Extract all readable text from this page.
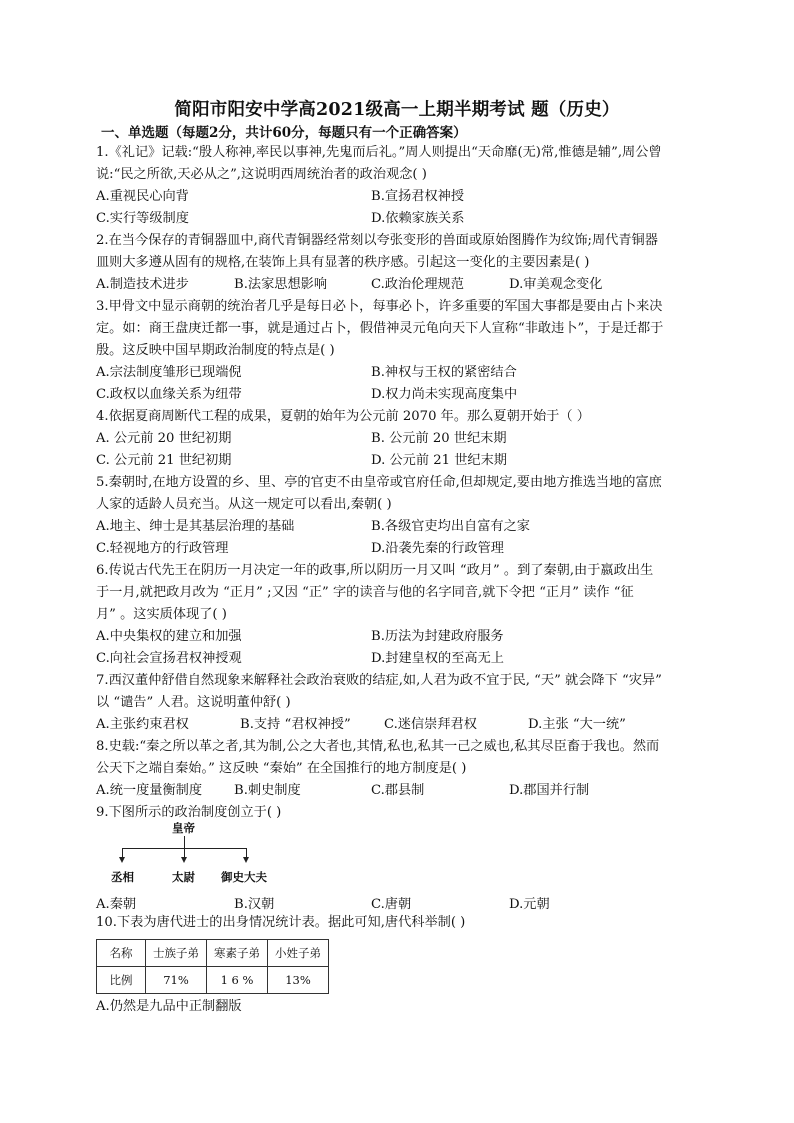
简阳市阳安中学高2021级高一上期半期考试 题（历史）
一、单选题（每题2分，共计60分，每题只有一个正确答案）
1.《礼记》记载:“殷人称神,率民以事神,先鬼而后礼。”周人则提出“天命靡(无)常,惟德是辅”,周公曾
说:“民之所欲,天必从之”,这说明西周统治者的政治观念( )
A.重视民心向背	B.宣扬君权神授
C.实行等级制度	D.依赖家族关系
2.在当今保存的青铜器皿中,商代青铜器经常刻以夸张变形的兽面或原始图腾作为纹饰;周代青铜器
皿则大多遵从固有的规格,在装饰上具有显著的秩序感。引起这一变化的主要因素是( )
A.制造技术进步	B.法家思想影响	C.政治伦理规范	D.审美观念变化
3.甲骨文中显示商朝的统治者几乎是每日必卜，每事必卜，许多重要的军国大事都是要由占卜来决
定。如：商王盘庚迁都一事，就是通过占卜，假借神灵元龟向天下人宣称“非敢违卜”，于是迁都于
殷。这反映中国早期政治制度的特点是( )
A.宗法制度雏形已现端倪	B.神权与王权的紧密结合
C.政权以血缘关系为纽带	D.权力尚未实现高度集中
4.依据夏商周断代工程的成果，夏朝的始年为公元前 2070 年。那么夏朝开始于（ ）
A. 公元前 20 世纪初期	B. 公元前 20 世纪末期
C. 公元前 21 世纪初期	D. 公元前 21 世纪末期
5.秦朝时,在地方设置的乡、里、亭的官吏不由皇帝或官府任命,但却规定,要由地方推选当地的富庶
人家的适龄人员充当。从这一规定可以看出,秦朝( )
A.地主、绅士是其基层治理的基础	B.各级官吏均出自富有之家
C.轻视地方的行政管理	D.沿袭先秦的行政管理
6.传说古代先王在阴历一月决定一年的政事,所以阴历一月又叫 “政月” 。到了秦朝,由于嬴政出生
于一月,就把政月改为 “正月” ;又因 “正” 字的读音与他的名字同音,就下令把 “正月” 读作 “征
月” 。这实质体现了( )
A.中央集权的建立和加强	B.历法为封建政府服务
C.向社会宣扬君权神授观	D.封建皇权的至高无上
7.西汉董仲舒借自然现象来解释社会政治衰败的结症,如,人君为政不宜于民, “天” 就会降下 “灾异”
以 “谴告” 人君。这说明董仲舒( )
A.主张约束君权	B.支持 “君权神授”	C.迷信崇拜君权	D.主张 “大一统”
8.史载:“秦之所以革之者,其为制,公之大者也,其情,私也,私其一己之威也,私其尽臣畜于我也。然而
公天下之端自秦始。” 这反映 “秦始” 在全国推行的地方制度是( )
A.统一度量衡制度 B.刺史制度	C.郡县制	D.郡国并行制
9.下图所示的政治制度创立于( )
皇帝
丞相	太尉 御史大夫
A.秦朝	B.汉朝	C.唐朝	D.元朝
10.下表为唐代进士的出身情况统计表。据此可知,唐代科举制( )
名称	士族子弟	寒素子弟	小姓子弟
比例	71%	1 6 %	13%
A.仍然是九品中正制翻版
